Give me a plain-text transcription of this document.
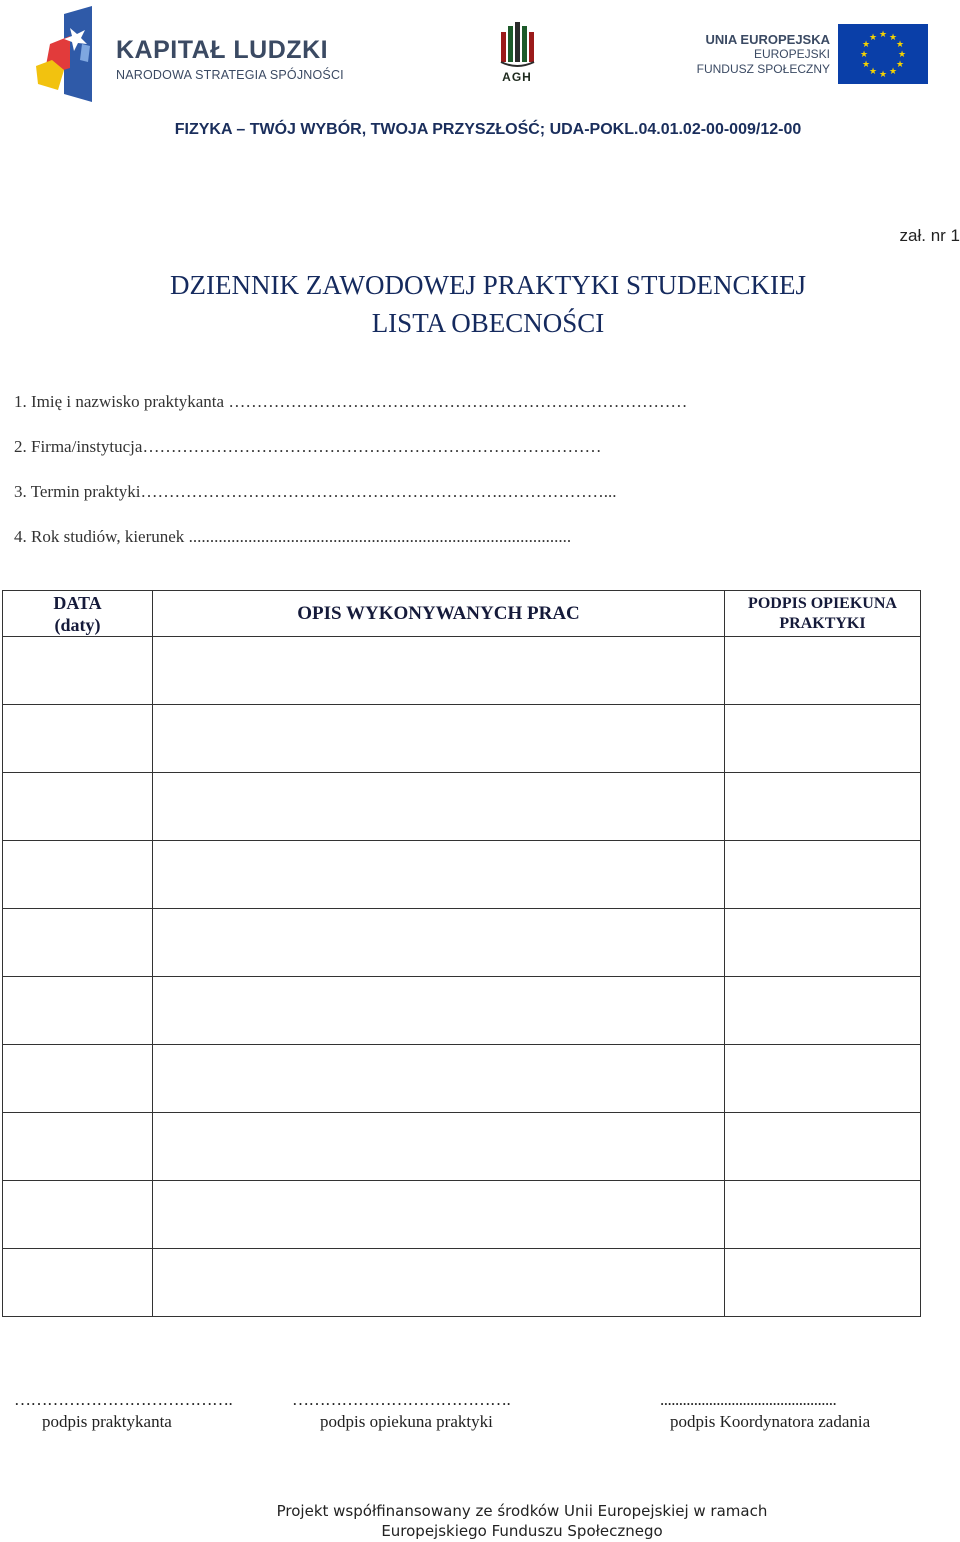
KAPITAŁ LUDZKI
NARODOWA STRATEGIA SPÓJNOŚCI	AGH
UNIA EUROPEJSKA
EUROPEJSKI
FUNDUSZ SPOŁECZNY
★ ★
★
★
★
★
★
★
★
★
★
★
FIZYKA – TWÓJ WYBÓR, TWOJA PRZYSZŁOŚĆ; UDA-POKL.04.01.02-00-009/12-00
zał. nr 1
DZIENNIK ZAWODOWEJ PRAKTYKI STUDENCKIEJ
LISTA OBECNOŚCI
1. Imię i nazwisko praktykanta ………………………………………………………………………
2. Firma/instytucja………………………………………………………………………
3. Termin praktyki……………………………………………………….………………...
4. Rok studiów, kierunek ..........................................................................................
DATA
(daty)	OPIS WYKONYWANYCH PRAC	PODPIS OPIEKUNA
PRAKTYKI

………………………………….
podpis praktykanta
………………………………….
podpis opiekuna praktyki
...............................................
podpis Koordynatora zadania
Projekt współfinansowany ze środków Unii Europejskiej w ramach
Europejskiego Funduszu Społecznego
